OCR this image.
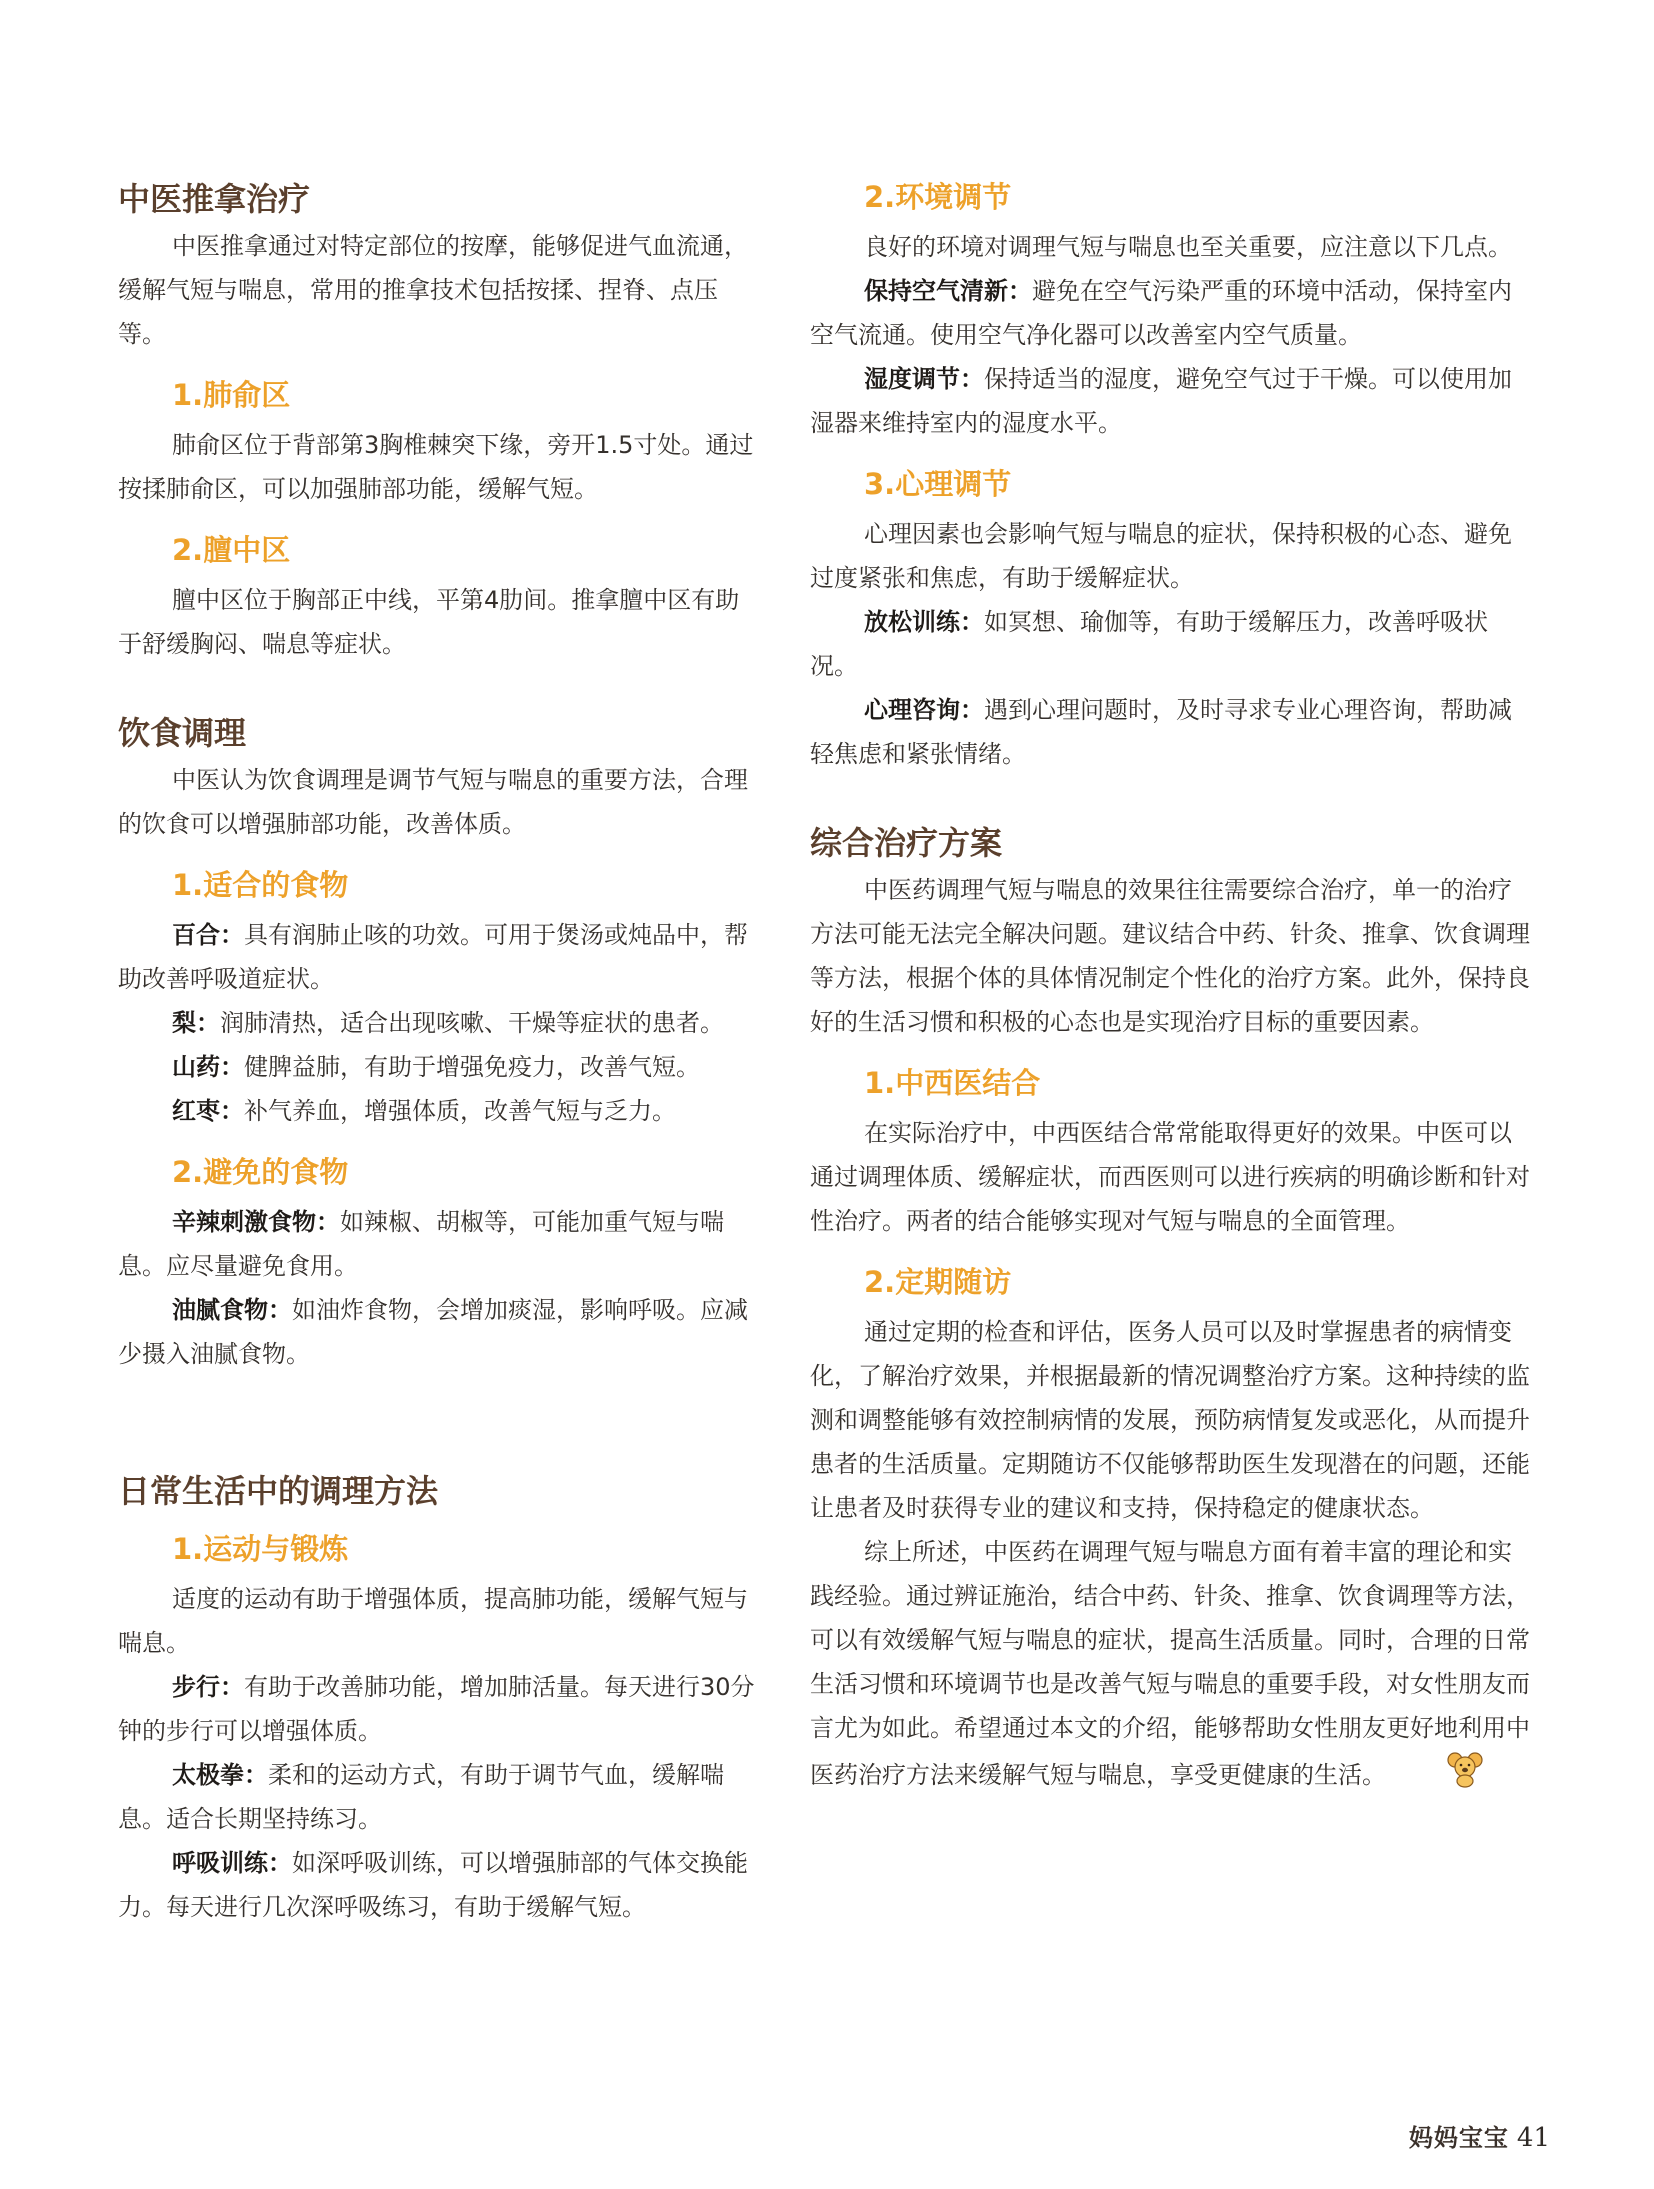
中医推拿治疗

中医推拿通过对特定部位的按摩，能够促进气血流通，缓解气短与喘息，常用的推拿技术包括按揉、捏脊、点压等。

1.肺俞区

肺俞区位于背部第3胸椎棘突下缘，旁开1.5寸处。通过按揉肺俞区，可以加强肺部功能，缓解气短。

2.膻中区

膻中区位于胸部正中线，平第4肋间。推拿膻中区有助于舒缓胸闷、喘息等症状。

饮食调理

中医认为饮食调理是调节气短与喘息的重要方法，合理的饮食可以增强肺部功能，改善体质。

1.适合的食物

百合：具有润肺止咳的功效。可用于煲汤或炖品中，帮助改善呼吸道症状。

梨：润肺清热，适合出现咳嗽、干燥等症状的患者。

山药：健脾益肺，有助于增强免疫力，改善气短。

红枣：补气养血，增强体质，改善气短与乏力。

2.避免的食物

辛辣刺激食物：如辣椒、胡椒等，可能加重气短与喘息。应尽量避免食用。

油腻食物：如油炸食物，会增加痰湿，影响呼吸。应减少摄入油腻食物。

日常生活中的调理方法
1.运动与锻炼

适度的运动有助于增强体质，提高肺功能，缓解气短与喘息。

步行：有助于改善肺功能，增加肺活量。每天进行30分钟的步行可以增强体质。

太极拳：柔和的运动方式，有助于调节气血，缓解喘息。适合长期坚持练习。

呼吸训练：如深呼吸训练，可以增强肺部的气体交换能力。每天进行几次深呼吸练习，有助于缓解气短。

2.环境调节

良好的环境对调理气短与喘息也至关重要，应注意以下几点。

保持空气清新：避免在空气污染严重的环境中活动，保持室内空气流通。使用空气净化器可以改善室内空气质量。

湿度调节：保持适当的湿度，避免空气过于干燥。可以使用加湿器来维持室内的湿度水平。

3.心理调节

心理因素也会影响气短与喘息的症状，保持积极的心态、避免过度紧张和焦虑，有助于缓解症状。

放松训练：如冥想、瑜伽等，有助于缓解压力，改善呼吸状况。

心理咨询：遇到心理问题时，及时寻求专业心理咨询，帮助减轻焦虑和紧张情绪。

综合治疗方案

中医药调理气短与喘息的效果往往需要综合治疗，单一的治疗方法可能无法完全解决问题。建议结合中药、针灸、推拿、饮食调理等方法，根据个体的具体情况制定个性化的治疗方案。此外，保持良好的生活习惯和积极的心态也是实现治疗目标的重要因素。

1.中西医结合

在实际治疗中，中西医结合常常能取得更好的效果。中医可以通过调理体质、缓解症状，而西医则可以进行疾病的明确诊断和针对性治疗。两者的结合能够实现对气短与喘息的全面管理。

2.定期随访

通过定期的检查和评估，医务人员可以及时掌握患者的病情变化，了解治疗效果，并根据最新的情况调整治疗方案。这种持续的监测和调整能够有效控制病情的发展，预防病情复发或恶化，从而提升患者的生活质量。定期随访不仅能够帮助医生发现潜在的问题，还能让患者及时获得专业的建议和支持，保持稳定的健康状态。

综上所述，中医药在调理气短与喘息方面有着丰富的理论和实践经验。通过辨证施治，结合中药、针灸、推拿、饮食调理等方法，可以有效缓解气短与喘息的症状，提高生活质量。同时，合理的日常生活习惯和环境调节也是改善气短与喘息的重要手段，对女性朋友而言尤为如此。希望通过本文的介绍，能够帮助女性朋友更好地利用中医药治疗方法来缓解气短与喘息，享受更健康的生活。

妈妈宝宝 41
